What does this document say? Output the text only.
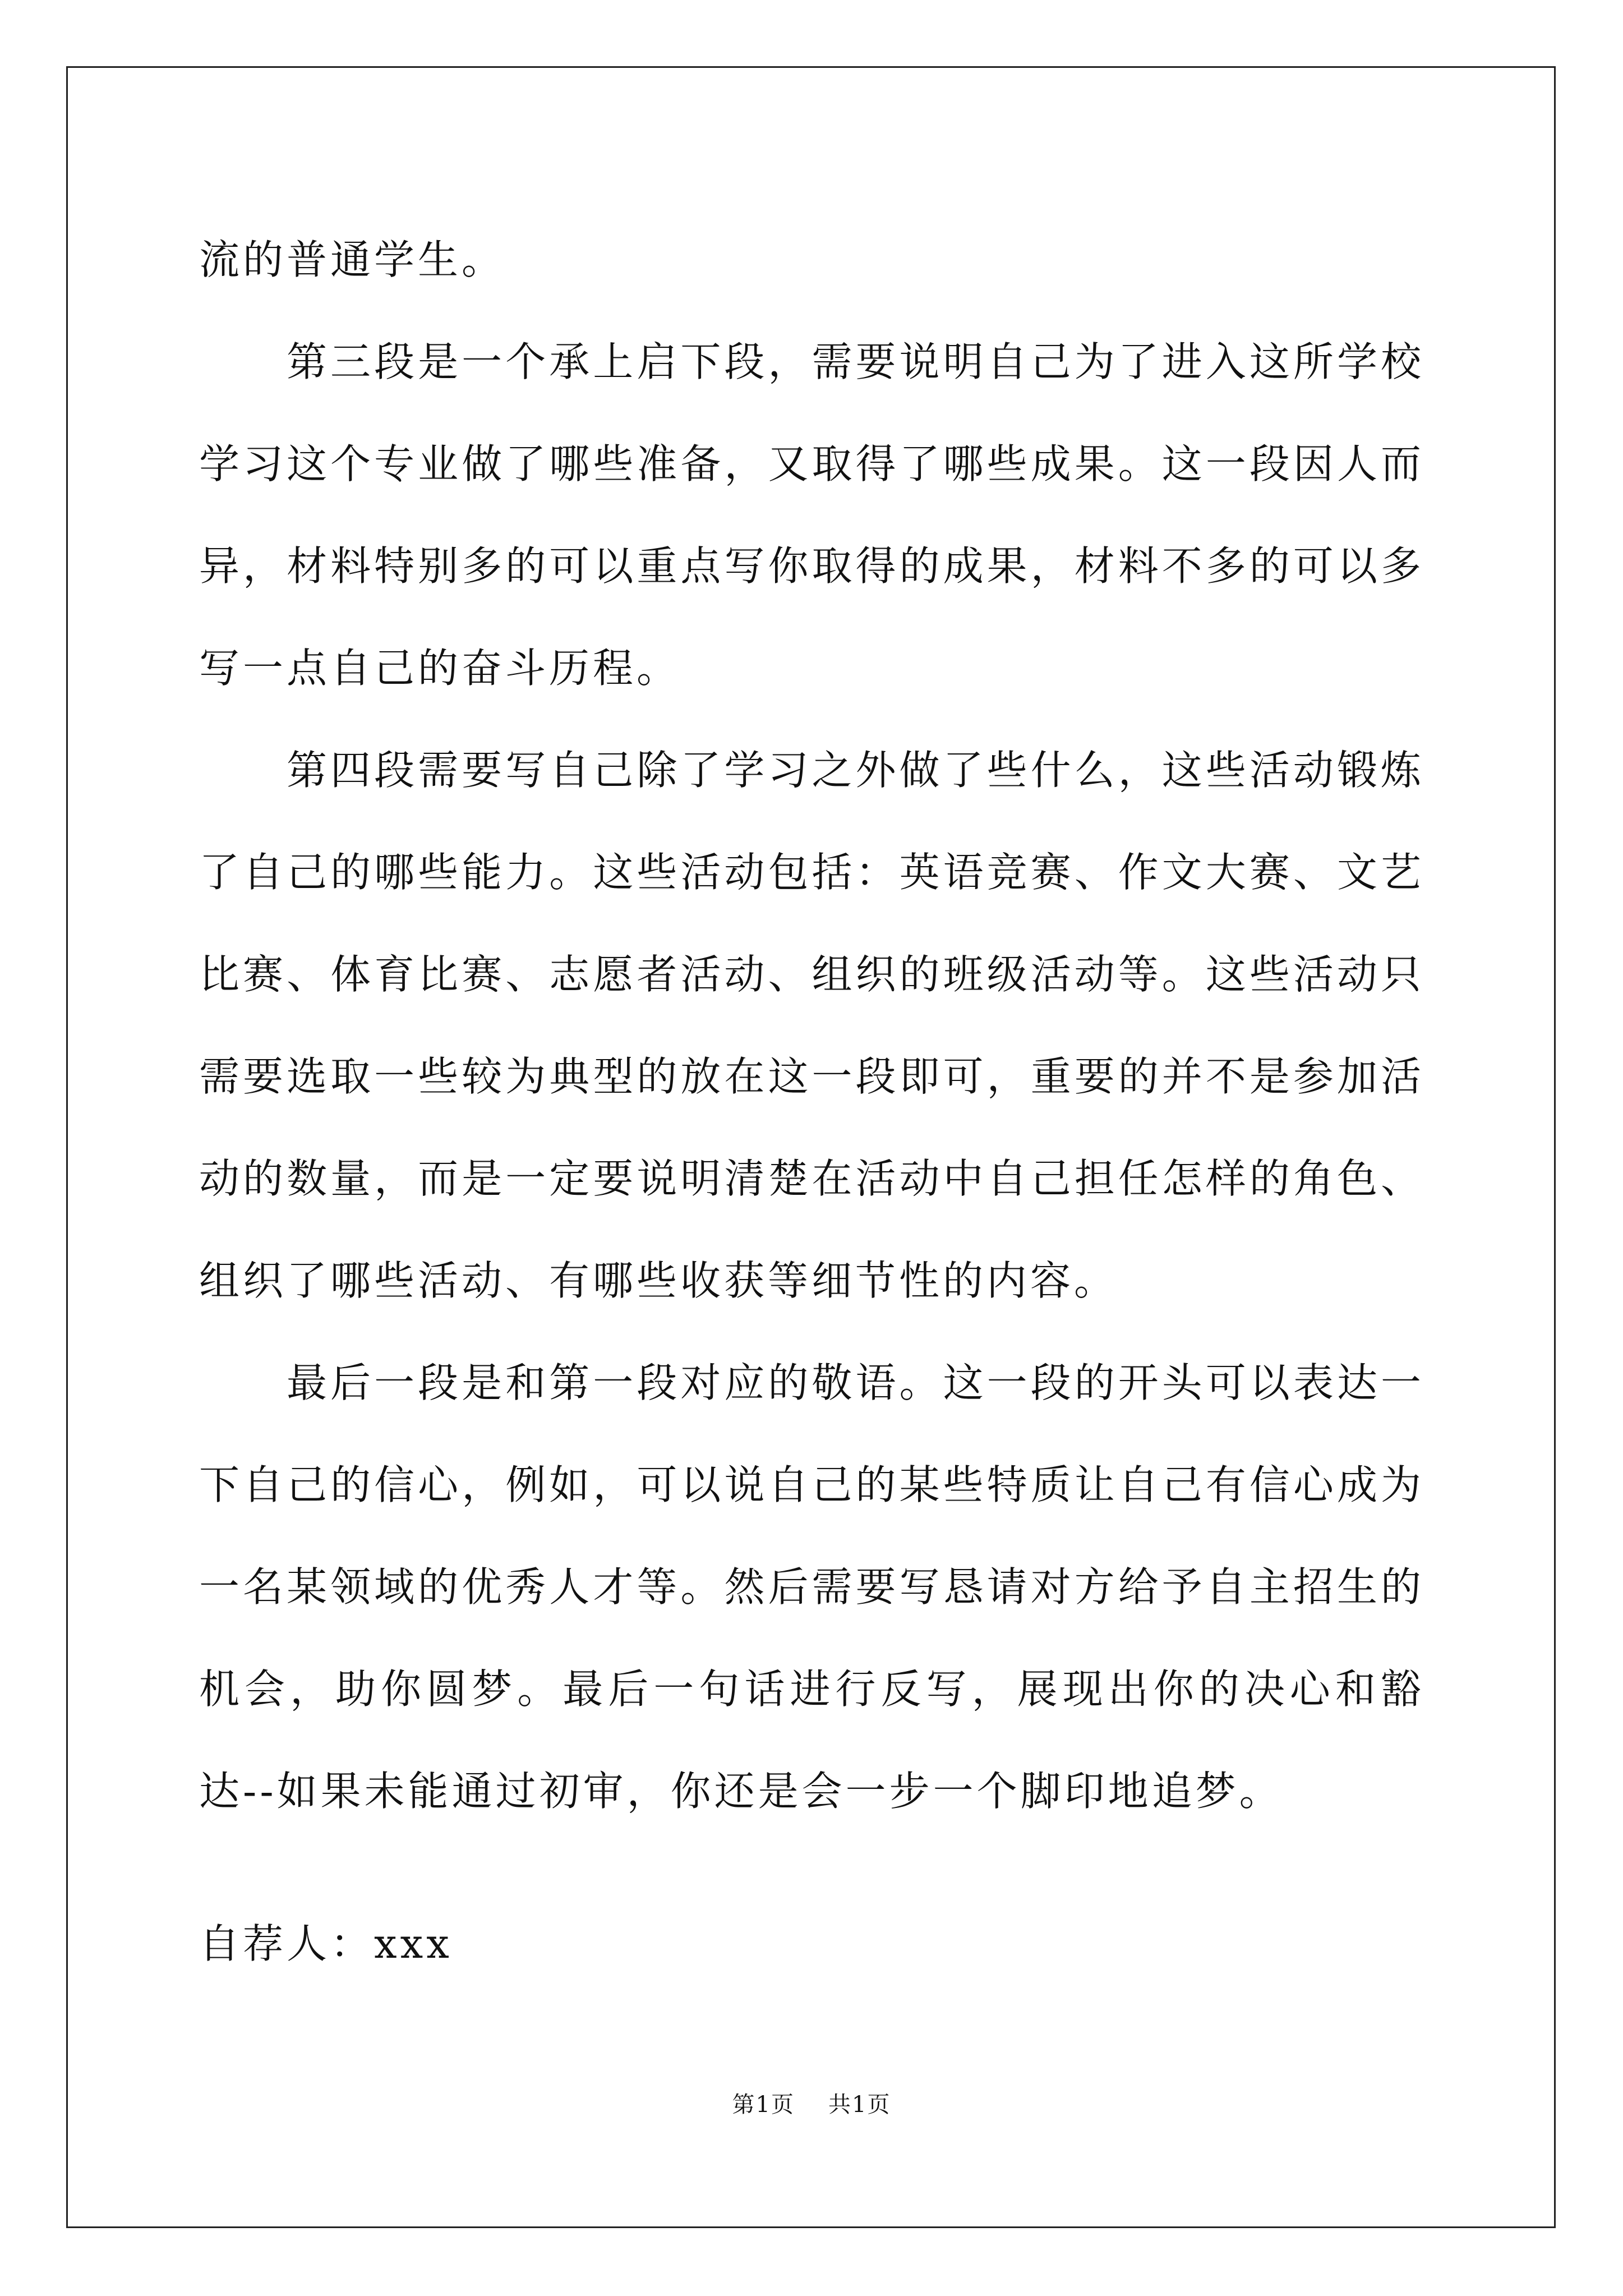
流的普通学生。

第三段是一个承上启下段，需要说明自己为了进入这所学校学习这个专业做了哪些准备，又取得了哪些成果。这一段因人而异，材料特别多的可以重点写你取得的成果，材料不多的可以多写一点自己的奋斗历程。

第四段需要写自己除了学习之外做了些什么，这些活动锻炼了自己的哪些能力。这些活动包括：英语竞赛、作文大赛、文艺比赛、体育比赛、志愿者活动、组织的班级活动等。这些活动只需要选取一些较为典型的放在这一段即可，重要的并不是参加活动的数量，而是一定要说明清楚在活动中自己担任怎样的角色、组织了哪些活动、有哪些收获等细节性的内容。

最后一段是和第一段对应的敬语。这一段的开头可以表达一下自己的信心，例如，可以说自己的某些特质让自己有信心成为一名某领域的优秀人才等。然后需要写恳请对方给予自主招生的机会，助你圆梦。最后一句话进行反写，展现出你的决心和豁达--如果未能通过初审，你还是会一步一个脚印地追梦。

自荐人：xxx
第1页 共1页
